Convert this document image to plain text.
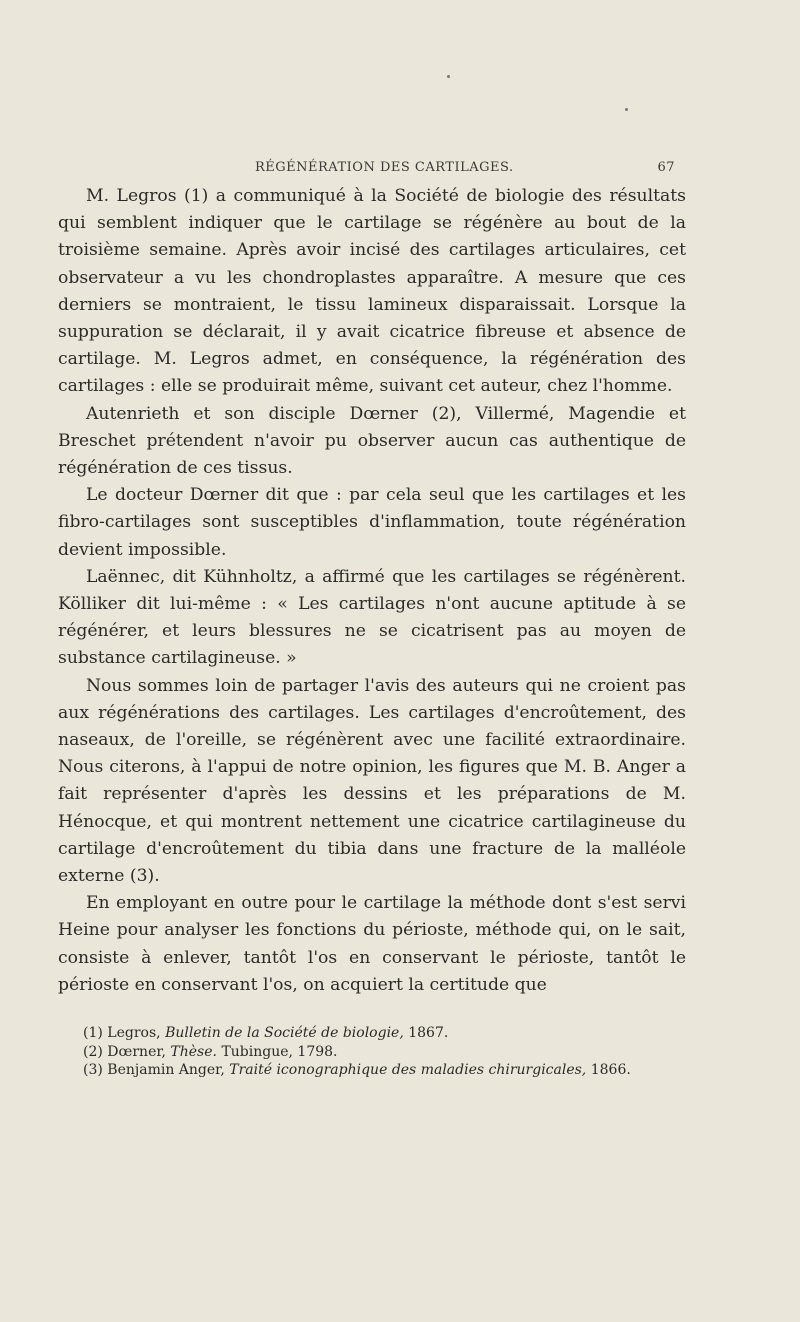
RÉGÉNÉRATION DES CARTILAGES.	67

M. Legros (1) a communiqué à la Société de biologie des résultats qui semblent indiquer que le cartilage se régénère au bout de la troisième semaine. Après avoir incisé des cartilages articulaires, cet observateur a vu les chondroplastes apparaître. A mesure que ces derniers se montraient, le tissu lamineux disparaissait. Lorsque la suppuration se déclarait, il y avait cicatrice fibreuse et absence de cartilage. M. Legros admet, en conséquence, la régénération des cartilages : elle se produirait même, suivant cet auteur, chez l'homme.

Autenrieth et son disciple Dœrner (2), Villermé, Magendie et Breschet prétendent n'avoir pu observer aucun cas authentique de régénération de ces tissus.

Le docteur Dœrner dit que : par cela seul que les cartilages et les fibro-cartilages sont susceptibles d'inflammation, toute régénération devient impossible.

Laënnec, dit Kühnholtz, a affirmé que les cartilages se régénèrent. Kölliker dit lui-même : « Les cartilages n'ont aucune aptitude à se régénérer, et leurs blessures ne se cicatrisent pas au moyen de substance cartilagineuse. »

Nous sommes loin de partager l'avis des auteurs qui ne croient pas aux régénérations des cartilages. Les cartilages d'encroûtement, des naseaux, de l'oreille, se régénèrent avec une facilité extraordinaire. Nous citerons, à l'appui de notre opinion, les figures que M. B. Anger a fait représenter d'après les dessins et les préparations de M. Hénocque, et qui montrent nettement une cicatrice cartilagineuse du cartilage d'encroûtement du tibia dans une fracture de la malléole externe (3).

En employant en outre pour le cartilage la méthode dont s'est servi Heine pour analyser les fonctions du périoste, méthode qui, on le sait, consiste à enlever, tantôt l'os en conservant le périoste, tantôt le périoste en conservant l'os, on acquiert la certitude que

(1) Legros, Bulletin de la Société de biologie, 1867.
(2) Dœrner, Thèse. Tubingue, 1798.
(3) Benjamin Anger, Traité iconographique des maladies chirurgicales, 1866.
